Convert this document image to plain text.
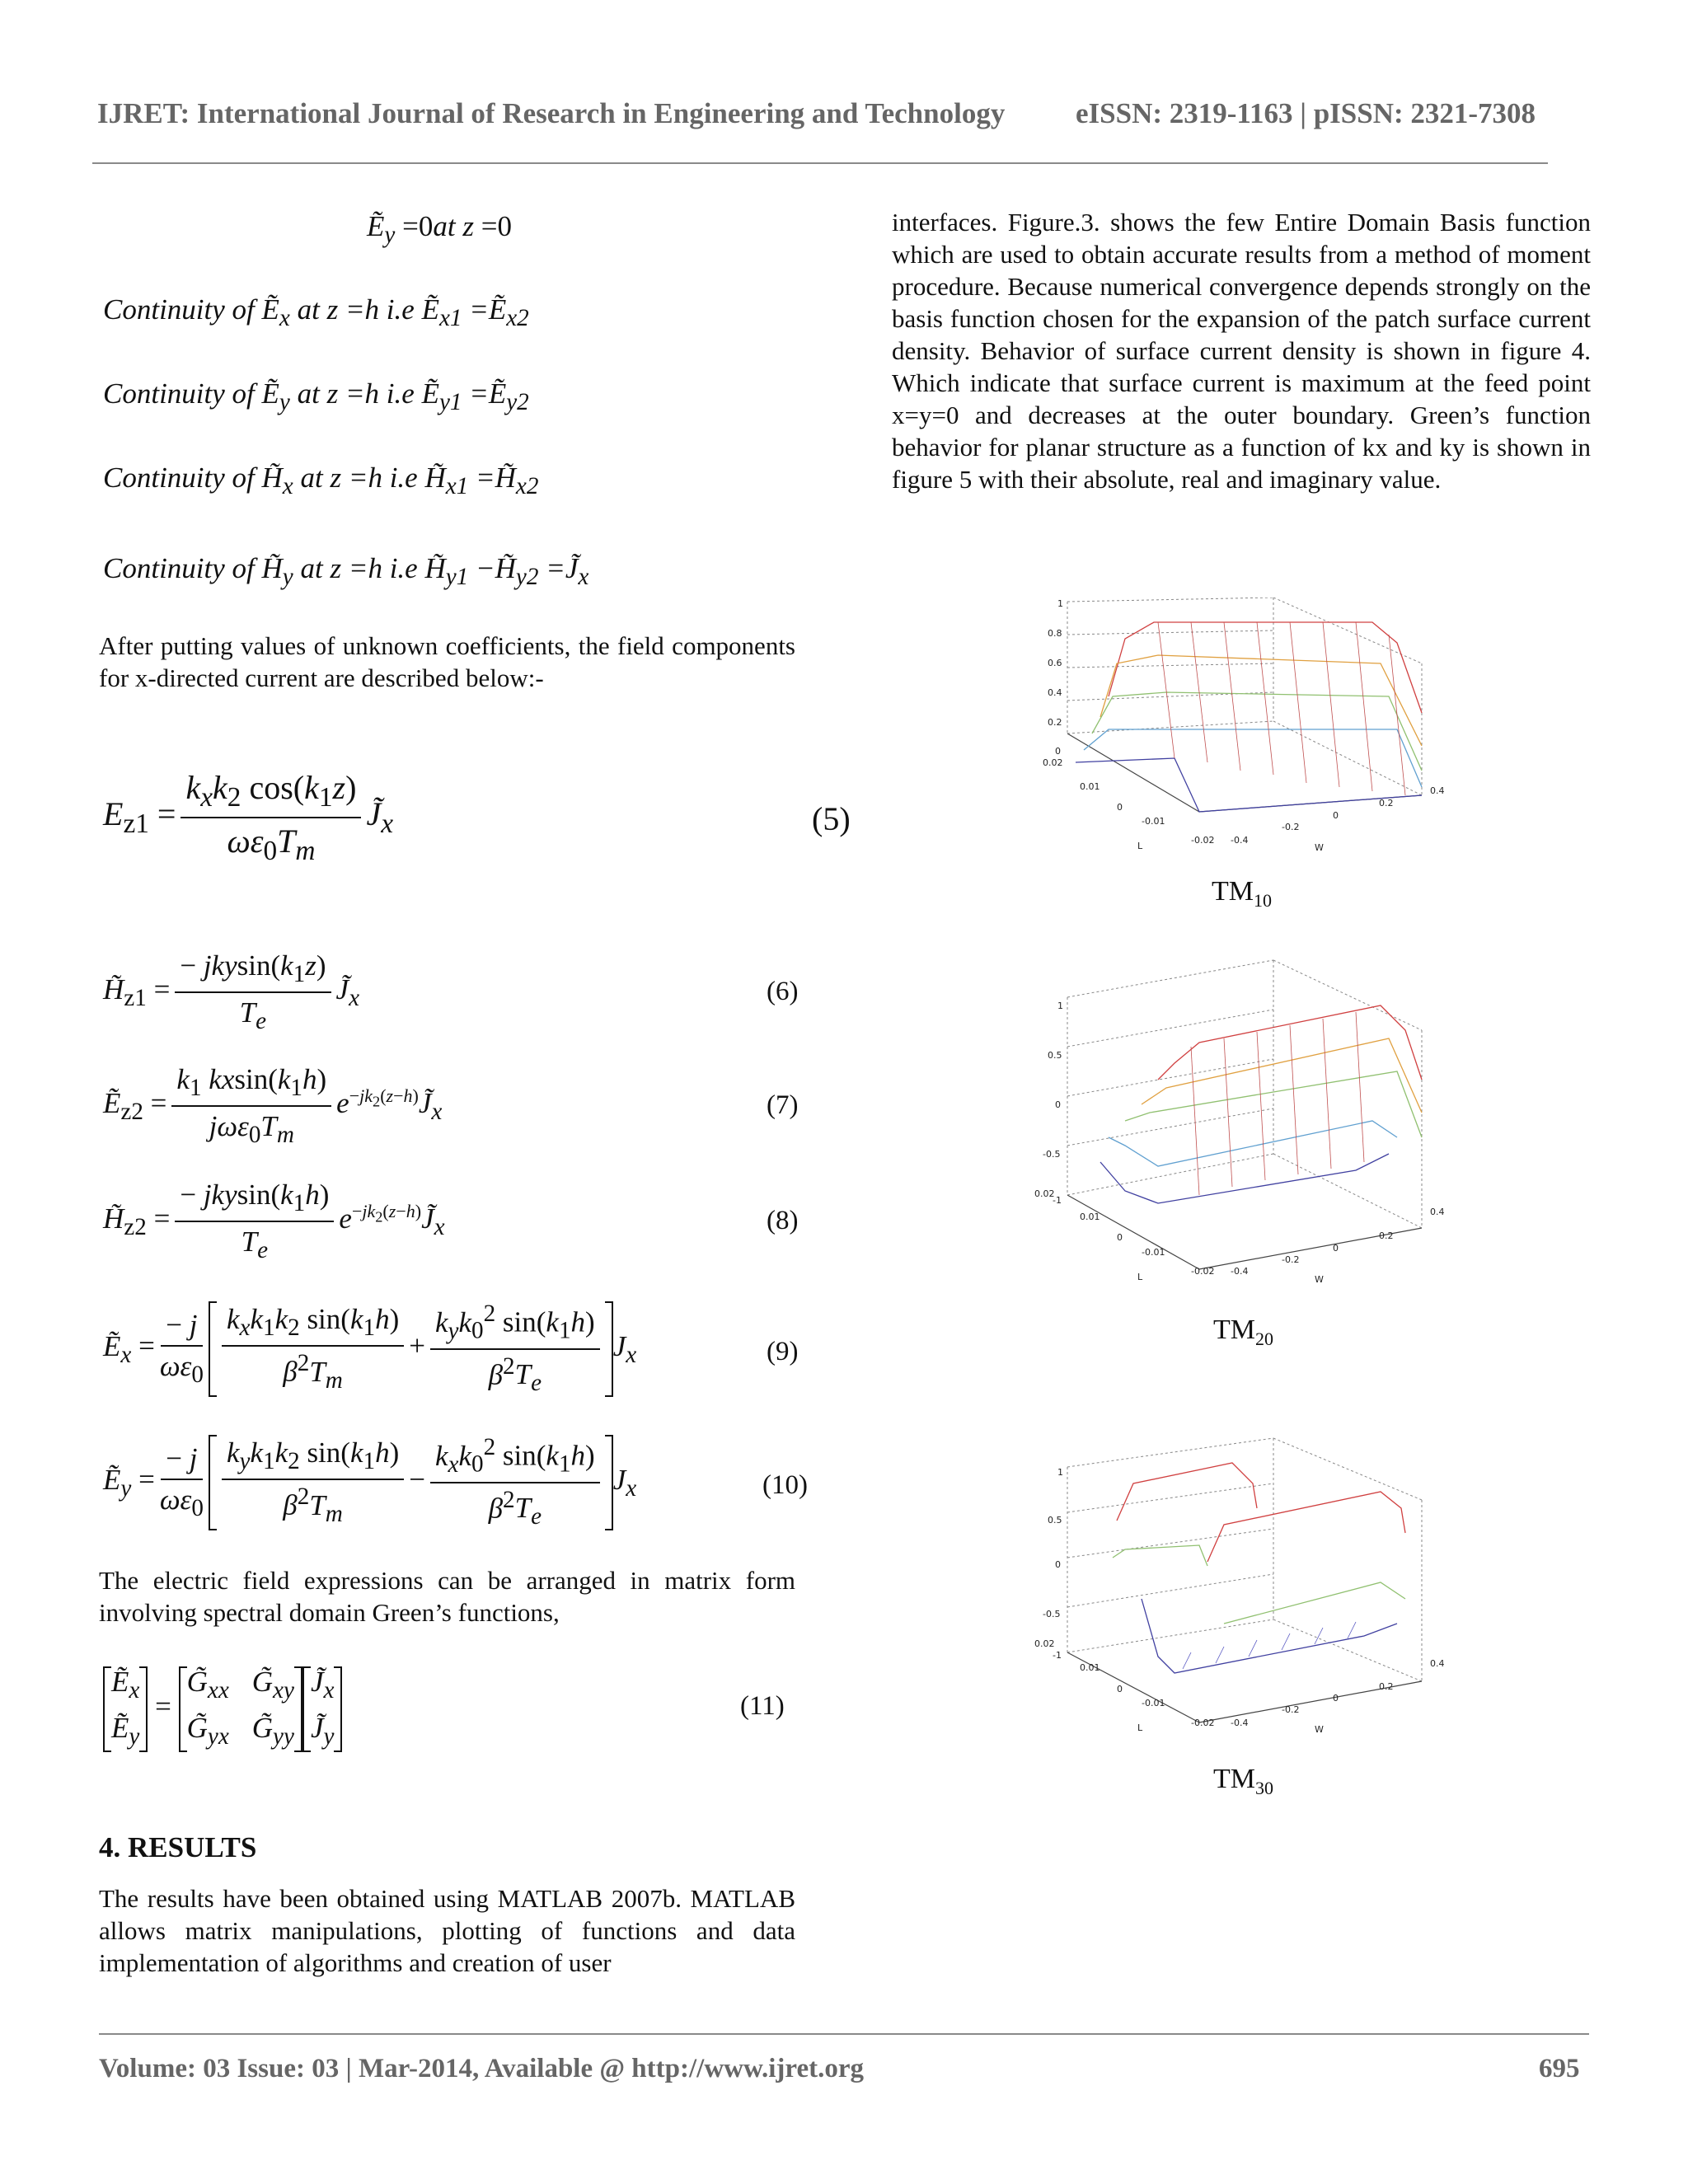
IJRET: International Journal of Research in Engineering and Technology eISSN: 2319-1163 | pISSN: 2321-7308
Ẽ$_y$ =0at z =0
Continuity of Ẽ$_x$ at z =h i.e Ẽ$_{x1}$ =Ẽ$_{x2}$
Continuity of Ẽ$_y$ at z =h i.e Ẽ$_{y1}$ =Ẽ$_{y2}$
Continuity of $H̃_x$ at z =h i.e $H̃_{x1}$ $=H̃_{x2}$
Continuity of $H̃_y$ at z =h i.e $H̃_{y1}$ $-H̃_{y2}$ $=J̃_x$
After putting values of unknown coefficients, the field components for x-directed current are described below:-
$E_{z1} = \frac{k_xk_2 \cos(k_1z)}{\omega\varepsilon_0T_m}$ $J̃_x$	(5)
$H̃_{z1} = \frac{- jkysin(k_1z)}{T_e}$ $J̃_x$	(6)
Ẽ$_{z2}$ = $\frac{k_1 kxsin(k_1h)}{j\omega\varepsilon_0T_m}$ $e^{-jk_2(z-h)}J̃_x$	(7)
$H̃_{z2} = \frac{- jkysin(k_1h)}{T_e}$ $e^{-jk_2(z-h)}J̃_x$	(8)
Ẽ$_x$ = $\frac{- j}{\omega\varepsilon_0} \frac{k_xk_1k_2 \sin(k_1h)}{\beta^2T_m} + \frac{k_yk_0^2 \sin(k_1h)}{\beta^2T_e} J_x$	(9)
Ẽ$_y$ = $\frac{- j}{\omega\varepsilon_0} \frac{k_yk_1k_2 \sin(k_1h)}{\beta^2T_m} - \frac{k_xk_0^2 \sin(k_1h)}{\beta^2T_e} J_x$	(10)
The electric field expressions can be arranged in matrix form involving spectral domain Green’s functions,
Ẽ$_x$
Ẽ$_y$
=
$G̃_{xx}$ $G̃_{xy}$
$G̃_{yx}$ $G̃_{yy}$
$J̃_x$
$J̃_y$
(11)
4. RESULTS
The results have been obtained using MATLAB 2007b. MATLAB allows matrix manipulations, plotting of functions and data implementation of algorithms and creation of user
interfaces. Figure.3. shows the few Entire Domain Basis function which are used to obtain accurate results from a method of moment procedure. Because numerical convergence depends strongly on the basis function chosen for the expansion of the patch surface current density. Behavior of surface current density is shown in figure 4. Which indicate that surface current is maximum at the feed point x=y=0 and decreases at the outer boundary. Green’s function behavior for planar structure as a function of kx and ky is shown in figure 5 with their absolute, real and imaginary value.
1
0.8
0.6
0.4
0.2
0
0.02
0.01
0
-0.01
-0.02 -0.4
-0.2
0
0.2
0.4
L	W
$TM_{10}$
1
0.5
0
-0.5
-1
0.02
0.01
0
-0.01
-0.02 -0.4
-0.2
0
0.2
0.4
L	W
$TM_{20}$
1
0.5
0
-0.5
-1
0.02
0.01
0
-0.01
-0.02 -0.4
-0.2
0
0.2
0.4
L	W
$TM_{30}$
Volume: 03 Issue: 03 | Mar-2014, Available @ http://www.ijret.org	695
